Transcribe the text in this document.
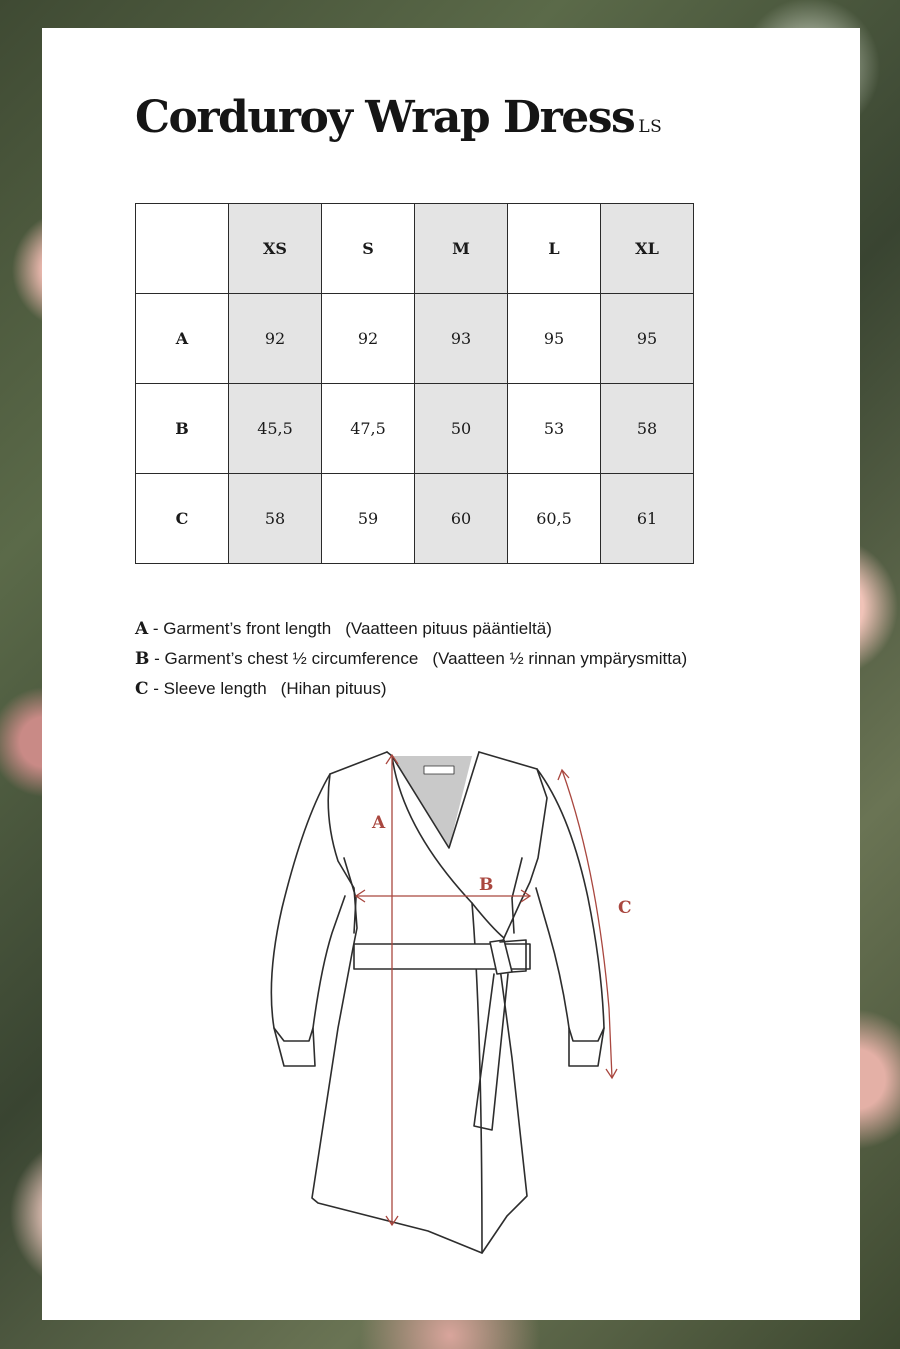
Corduroy Wrap Dress LS
	XS	S	M	L	XL
A	92	92	93	95	95
B	45,5	47,5	50	53	58
C	58	59	60	60,5	61
A - Garment’s front length (Vaatteen pituus pääntieltä)
B - Garment’s chest ½ circumference (Vaatteen ½ rinnan ympärysmitta)
C - Sleeve length (Hihan pituus)
A
B
C
